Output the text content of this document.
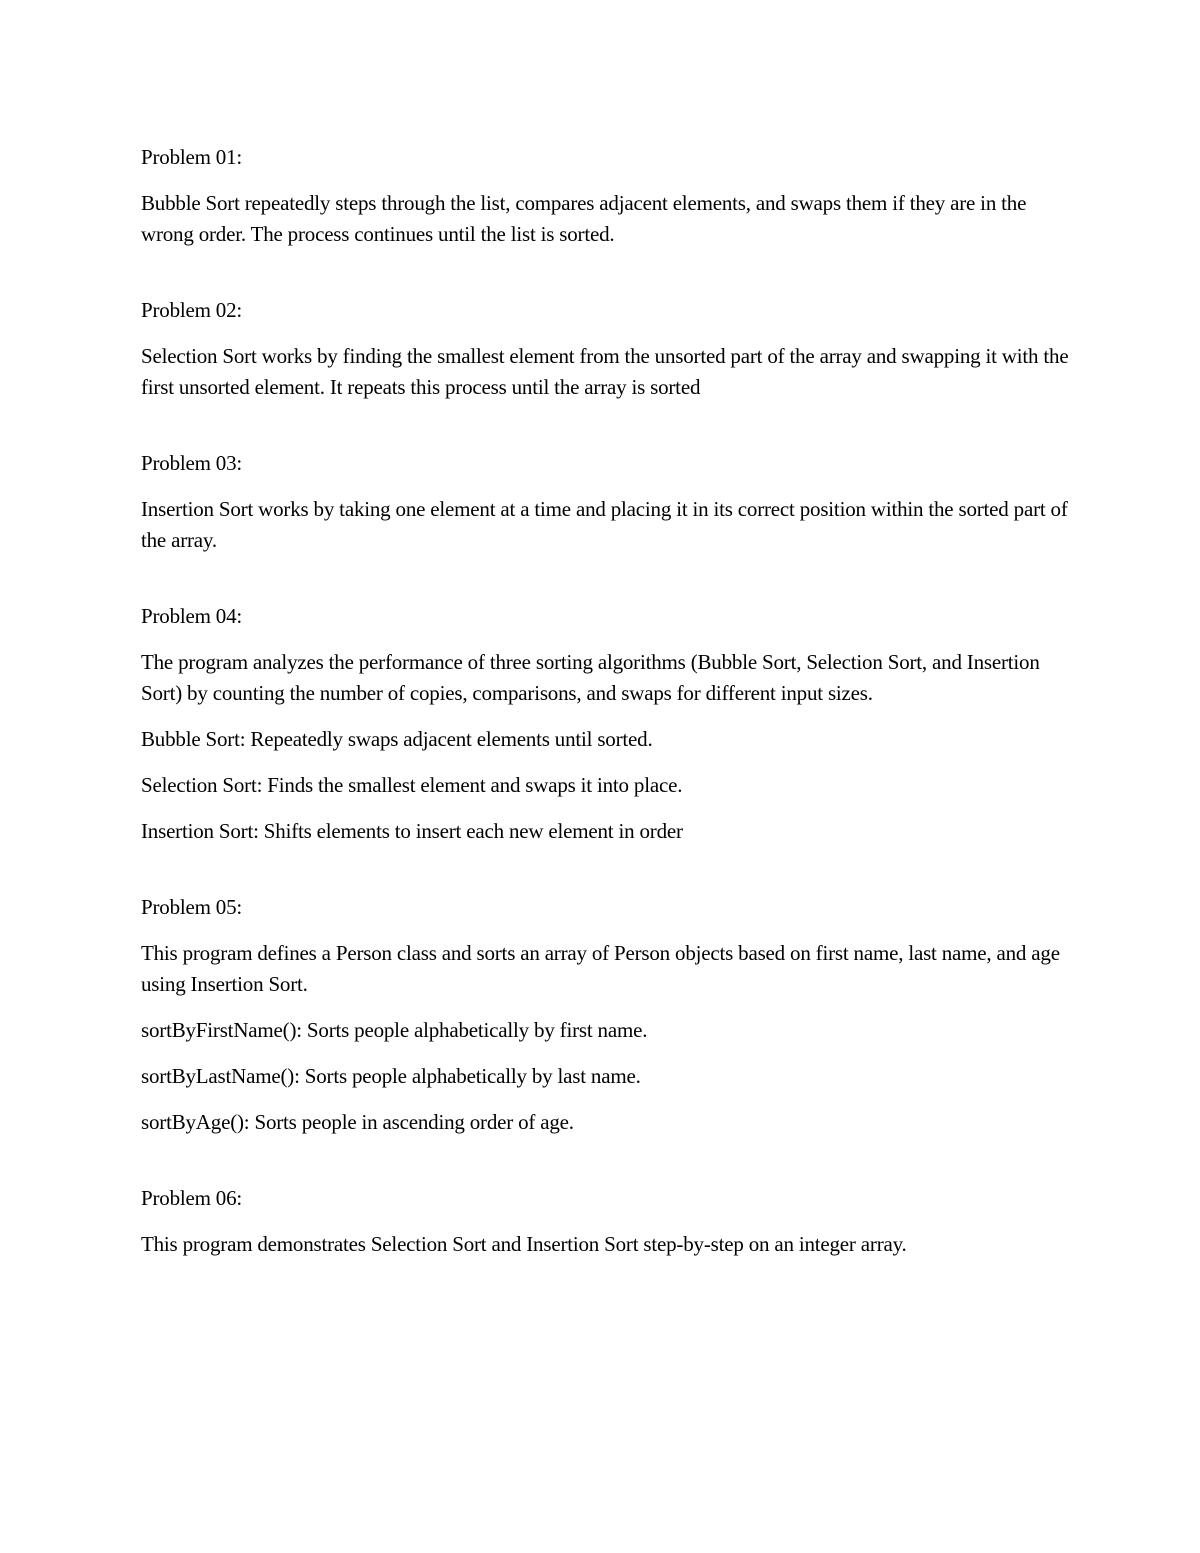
Problem 01:
Bubble Sort repeatedly steps through the list, compares adjacent elements, and swaps them if they are in the wrong order. The process continues until the list is sorted.
Problem 02:
Selection Sort works by finding the smallest element from the unsorted part of the array and swapping it with the first unsorted element. It repeats this process until the array is sorted
Problem 03:
Insertion Sort works by taking one element at a time and placing it in its correct position within the sorted part of the array.
Problem 04:
The program analyzes the performance of three sorting algorithms (Bubble Sort, Selection Sort, and Insertion Sort) by counting the number of copies, comparisons, and swaps for different input sizes.
Bubble Sort: Repeatedly swaps adjacent elements until sorted.
Selection Sort: Finds the smallest element and swaps it into place.
Insertion Sort: Shifts elements to insert each new element in order
Problem 05:
This program defines a Person class and sorts an array of Person objects based on first name, last name, and age using Insertion Sort.
sortByFirstName(): Sorts people alphabetically by first name.
sortByLastName(): Sorts people alphabetically by last name.
sortByAge(): Sorts people in ascending order of age.
Problem 06:
This program demonstrates Selection Sort and Insertion Sort step-by-step on an integer array.
